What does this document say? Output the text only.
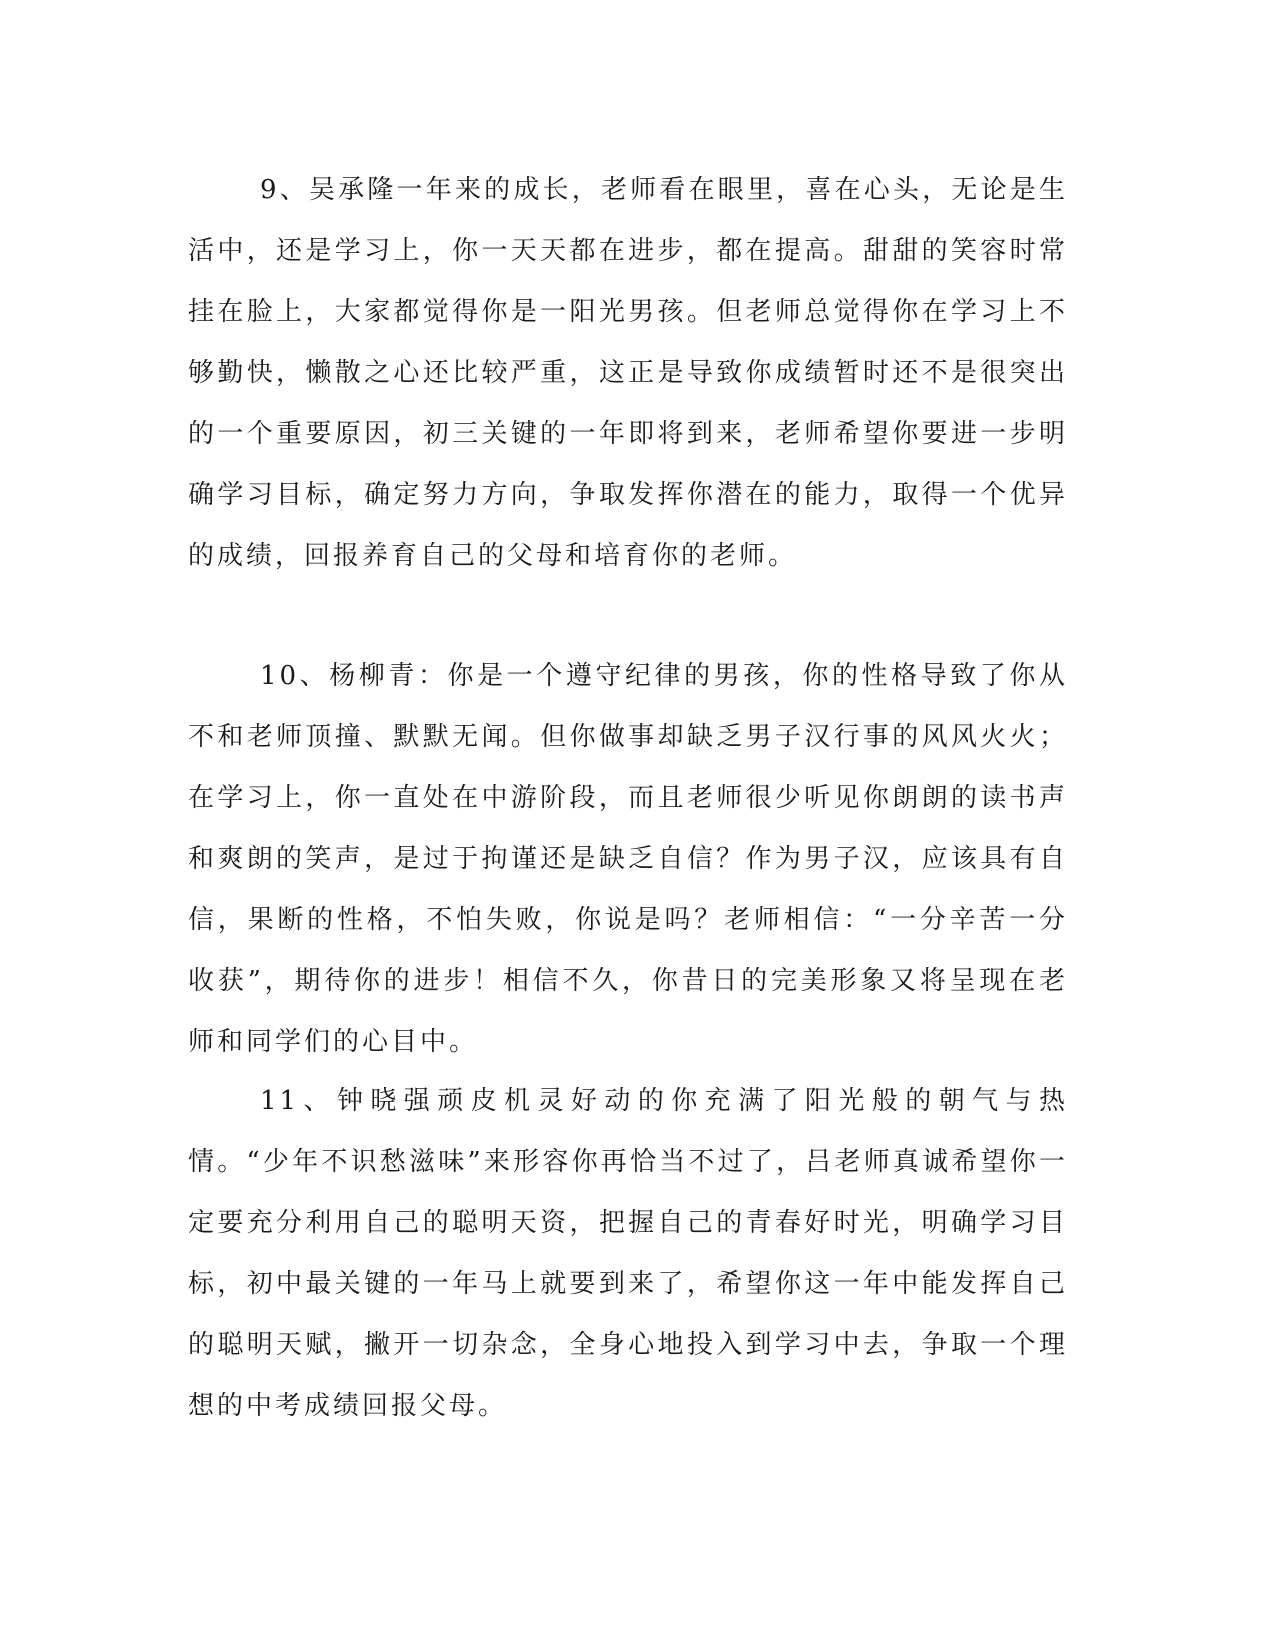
9、吴承隆一年来的成长，老师看在眼里，喜在心头，无论是生活中，还是学习上，你一天天都在进步，都在提高。甜甜的笑容时常挂在脸上，大家都觉得你是一阳光男孩。但老师总觉得你在学习上不够勤快，懒散之心还比较严重，这正是导致你成绩暂时还不是很突出的一个重要原因，初三关键的一年即将到来，老师希望你要进一步明确学习目标，确定努力方向，争取发挥你潜在的能力，取得一个优异的成绩，回报养育自己的父母和培育你的老师。

10、杨柳青：你是一个遵守纪律的男孩，你的性格导致了你从不和老师顶撞、默默无闻。但你做事却缺乏男子汉行事的风风火火；在学习上，你一直处在中游阶段，而且老师很少听见你朗朗的读书声和爽朗的笑声，是过于拘谨还是缺乏自信？作为男子汉，应该具有自信，果断的性格，不怕失败，你说是吗？老师相信：“一分辛苦一分收获”，期待你的进步！相信不久，你昔日的完美形象又将呈现在老师和同学们的心目中。

11、钟晓强顽皮机灵好动的你充满了阳光般的朝气与热情。“少年不识愁滋味”来形容你再恰当不过了，吕老师真诚希望你一定要充分利用自己的聪明天资，把握自己的青春好时光，明确学习目标，初中最关键的一年马上就要到来了，希望你这一年中能发挥自己的聪明天赋，撇开一切杂念，全身心地投入到学习中去，争取一个理想的中考成绩回报父母。
